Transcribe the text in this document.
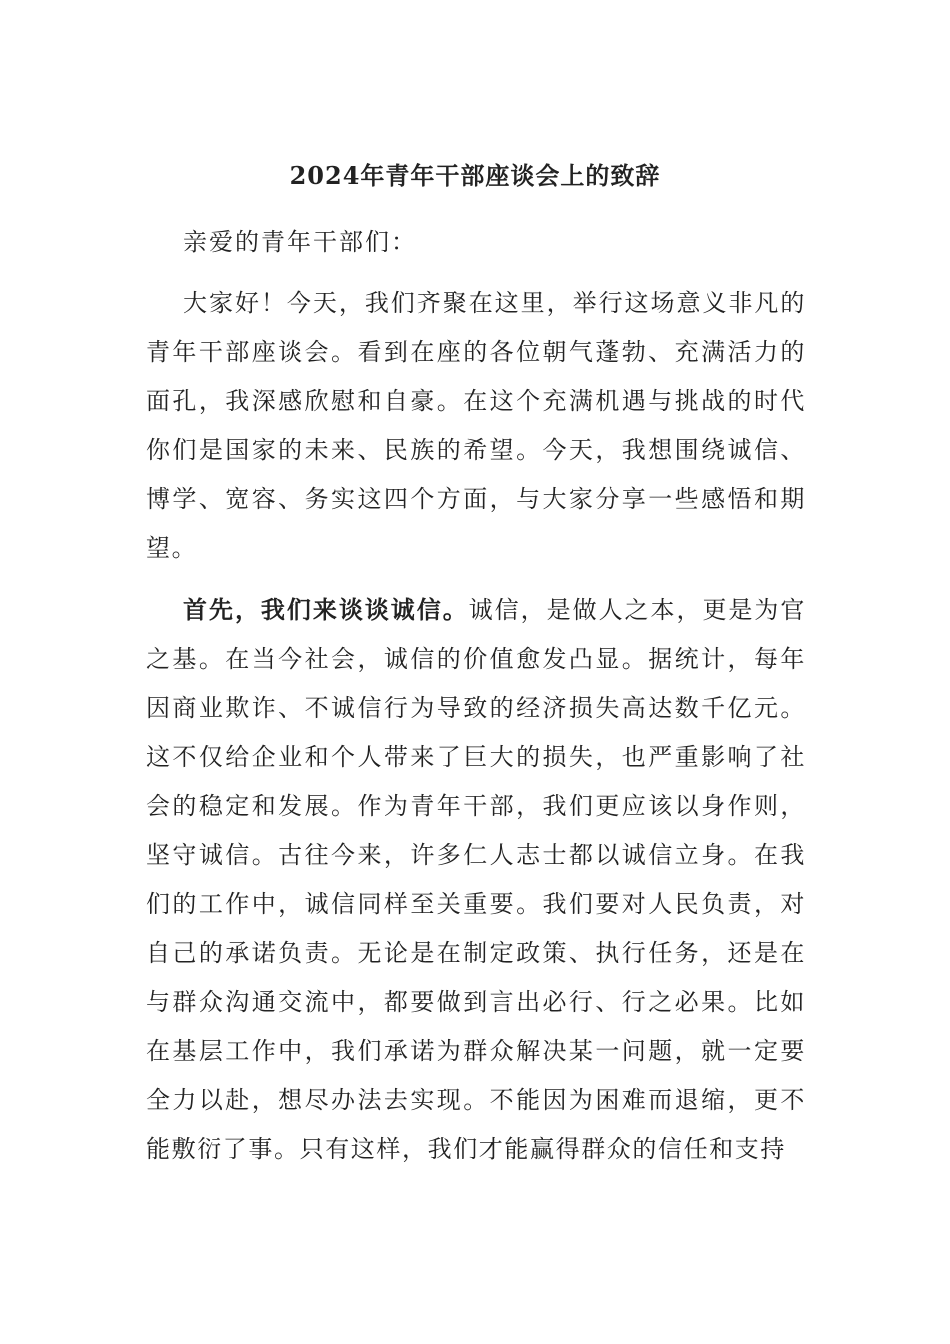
2024年青年干部座谈会上的致辞

亲爱的青年干部们：

大家好！今天，我们齐聚在这里，举行这场意义非凡的青年干部座谈会。看到在座的各位朝气蓬勃、充满活力的面孔，我深感欣慰和自豪。在这个充满机遇与挑战的时代你们是国家的未来、民族的希望。今天，我想围绕诚信、博学、宽容、务实这四个方面，与大家分享一些感悟和期望。

首先，我们来谈谈诚信。诚信，是做人之本，更是为官之基。在当今社会，诚信的价值愈发凸显。据统计，每年因商业欺诈、不诚信行为导致的经济损失高达数千亿元。这不仅给企业和个人带来了巨大的损失，也严重影响了社会的稳定和发展。作为青年干部，我们更应该以身作则，坚守诚信。古往今来，许多仁人志士都以诚信立身。在我们的工作中，诚信同样至关重要。我们要对人民负责，对自己的承诺负责。无论是在制定政策、执行任务，还是在与群众沟通交流中，都要做到言出必行、行之必果。比如在基层工作中，我们承诺为群众解决某一问题，就一定要全力以赴，想尽办法去实现。不能因为困难而退缩，更不能敷衍了事。只有这样，我们才能赢得群众的信任和支持
